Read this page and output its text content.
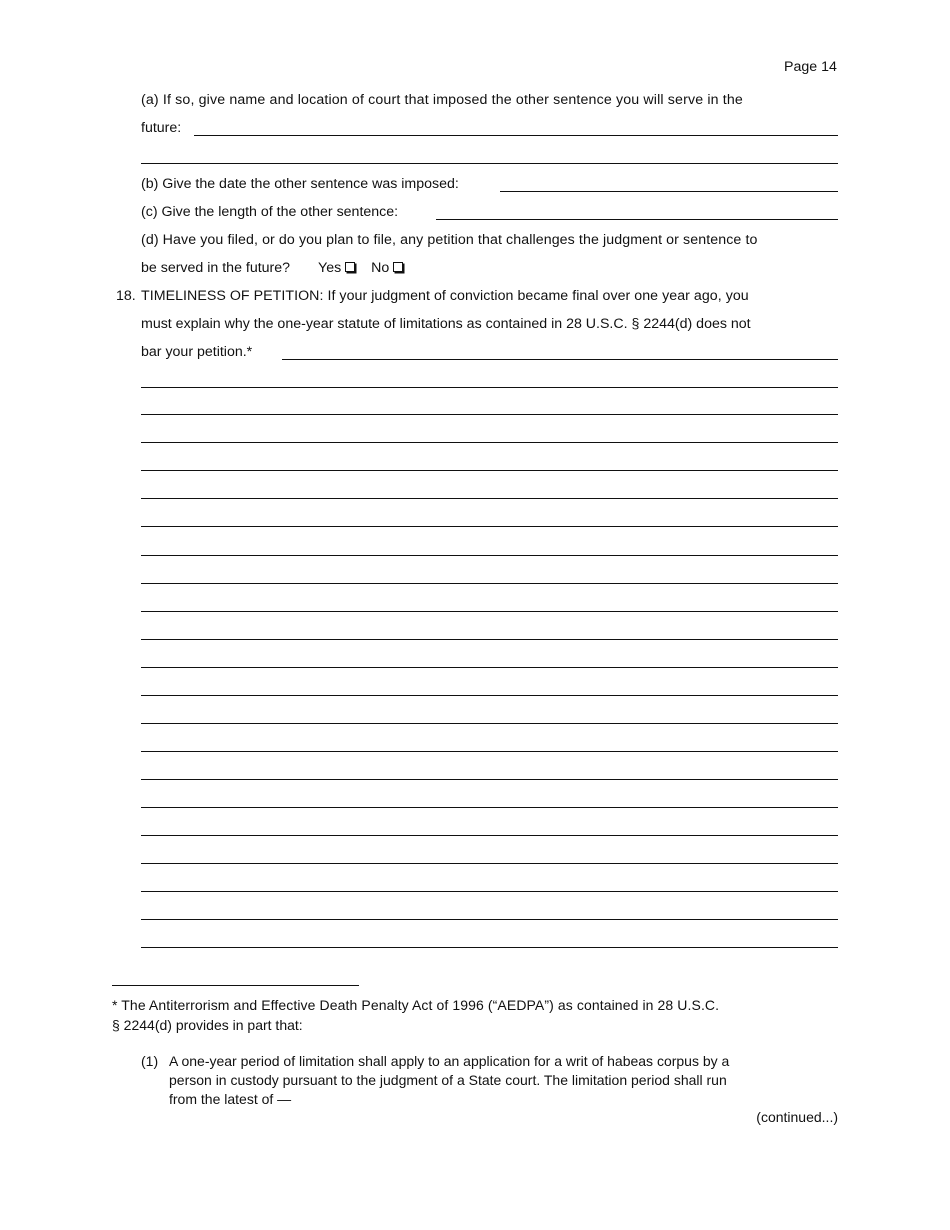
Page 14
(a) If so, give name and location of court that imposed the other sentence you will serve in the
future:
(b) Give the date the other sentence was imposed:
(c) Give the length of the other sentence:
(d) Have you filed, or do you plan to file, any petition that challenges the judgment or sentence to
be served in the future? Yes No
18. TIMELINESS OF PETITION: If your judgment of conviction became final over one year ago, you
must explain why the one-year statute of limitations as contained in 28 U.S.C. § 2244(d) does not
bar your petition.*
* The Antiterrorism and Effective Death Penalty Act of 1996 (“AEDPA”) as contained in 28 U.S.C.
§ 2244(d) provides in part that:
(1) A one-year period of limitation shall apply to an application for a writ of habeas corpus by a
person in custody pursuant to the judgment of a State court. The limitation period shall run
from the latest of —
(continued...)
